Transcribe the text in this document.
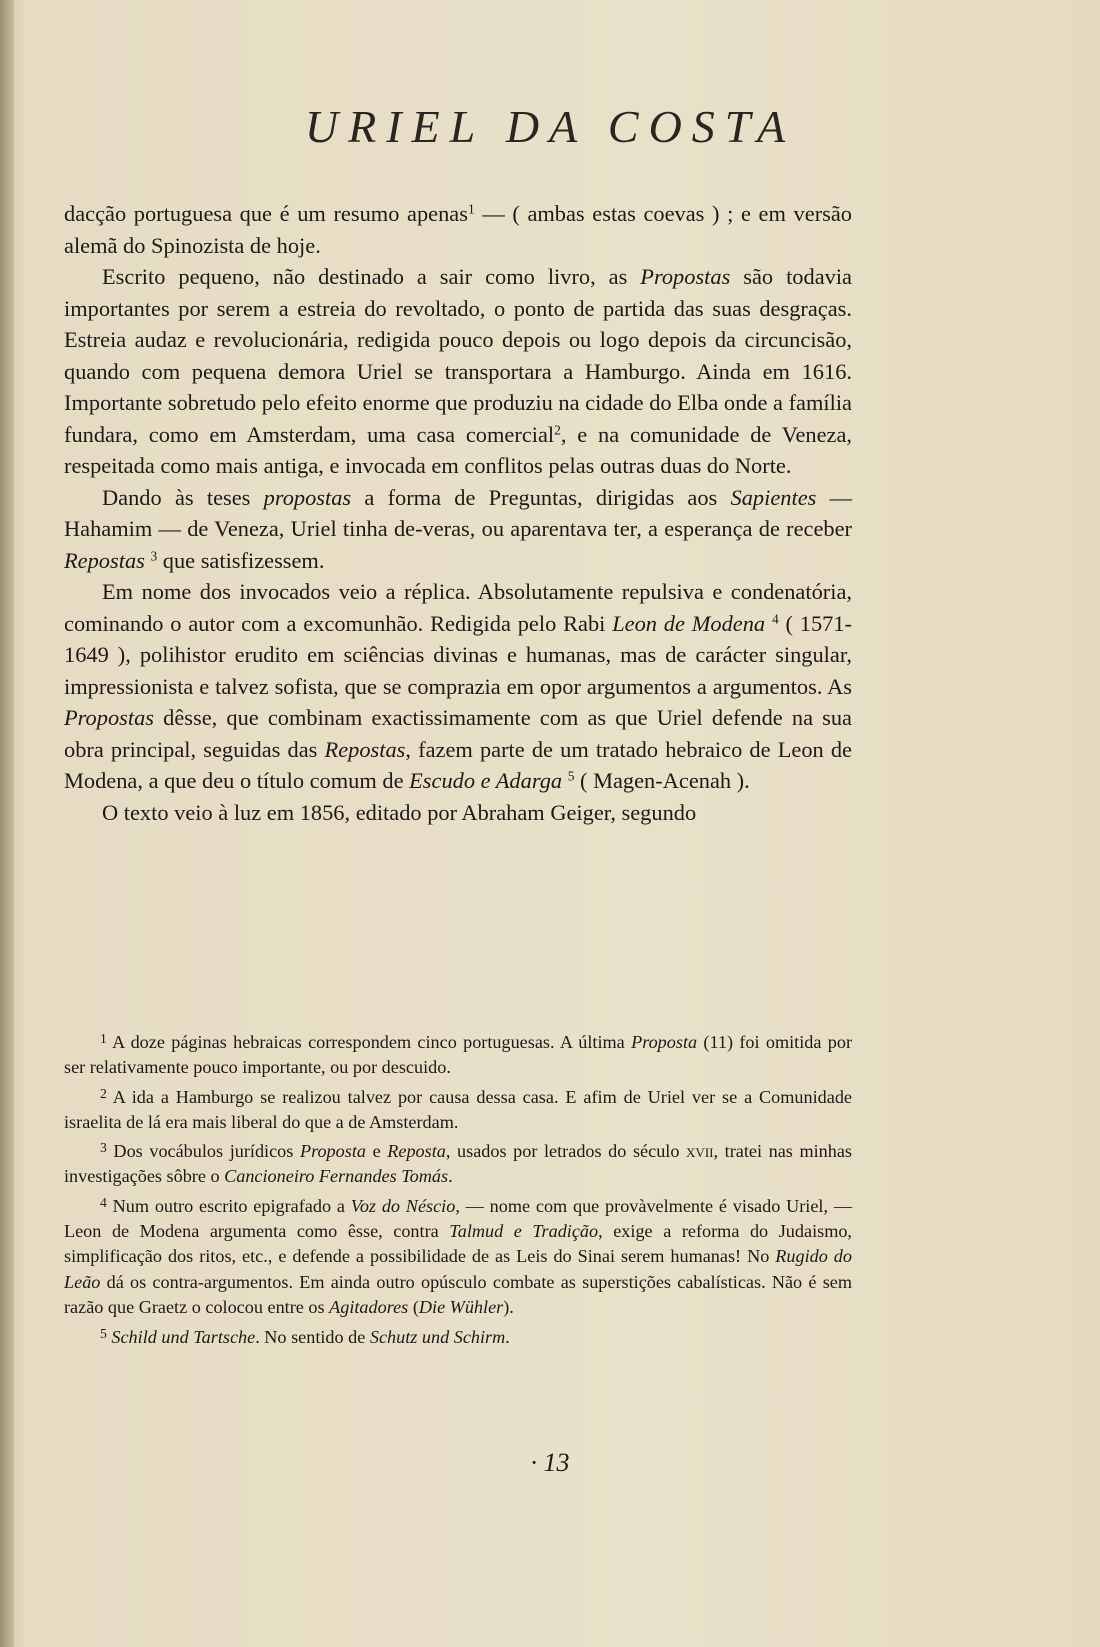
URIEL DA COSTA

dacção portuguesa que é um resumo apenas$^1$ — ( ambas estas coevas ) ; e em versão alemã do Spinozista de hoje.

Escrito pequeno, não destinado a sair como livro, as Propostas são todavia importantes por serem a estreia do revoltado, o ponto de partida das suas desgraças. Estreia audaz e revolucionária, redigida pouco depois ou logo depois da circuncisão, quando com pequena demora Uriel se transportara a Hamburgo. Ainda em 1616. Importante sobretudo pelo efeito enorme que produziu na cidade do Elba onde a família fundara, como em Amsterdam, uma casa comercial$^2$, e na comunidade de Veneza, respeitada como mais antiga, e invocada em conflitos pelas outras duas do Norte.

Dando às teses propostas a forma de Preguntas, dirigidas aos Sapientes — Hahamim — de Veneza, Uriel tinha de-veras, ou aparentava ter, a esperança de receber Repostas $^3$ que satisfizessem.

Em nome dos invocados veio a réplica. Absolutamente repulsiva e condenatória, cominando o autor com a excomunhão. Redigida pelo Rabi Leon de Modena $^4$ ( 1571-1649 ), polihistor erudito em sciências divinas e humanas, mas de carácter singular, impressionista e talvez sofista, que se comprazia em opor argumentos a argumentos. As Propostas dêsse, que combinam exactissimamente com as que Uriel defende na sua obra principal, seguidas das Repostas, fazem parte de um tratado hebraico de Leon de Modena, a que deu o título comum de Escudo e Adarga $^5$ ( Magen-Acenah ).

O texto veio à luz em 1856, editado por Abraham Geiger, segundo

$^1$ A doze páginas hebraicas correspondem cinco portuguesas. A última Proposta (11) foi omitida por ser relativamente pouco importante, ou por descuido.

$^2$ A ida a Hamburgo se realizou talvez por causa dessa casa. E afim de Uriel ver se a Comunidade israelita de lá era mais liberal do que a de Amsterdam.

$^3$ Dos vocábulos jurídicos Proposta e Reposta, usados por letrados do século xvii, tratei nas minhas investigações sôbre o Cancioneiro Fernandes Tomás.

$^4$ Num outro escrito epigrafado a Voz do Néscio, — nome com que provàvelmente é visado Uriel, — Leon de Modena argumenta como êsse, contra Talmud e Tradição, exige a reforma do Judaismo, simplificação dos ritos, etc., e defende a possibilidade de as Leis do Sinai serem humanas! No Rugido do Leão dá os contra-argumentos. Em ainda outro opúsculo combate as superstições cabalísticas. Não é sem razão que Graetz o colocou entre os Agitadores (Die Wühler).

$^5$ Schild und Tartsche. No sentido de Schutz und Schirm.

· 13
